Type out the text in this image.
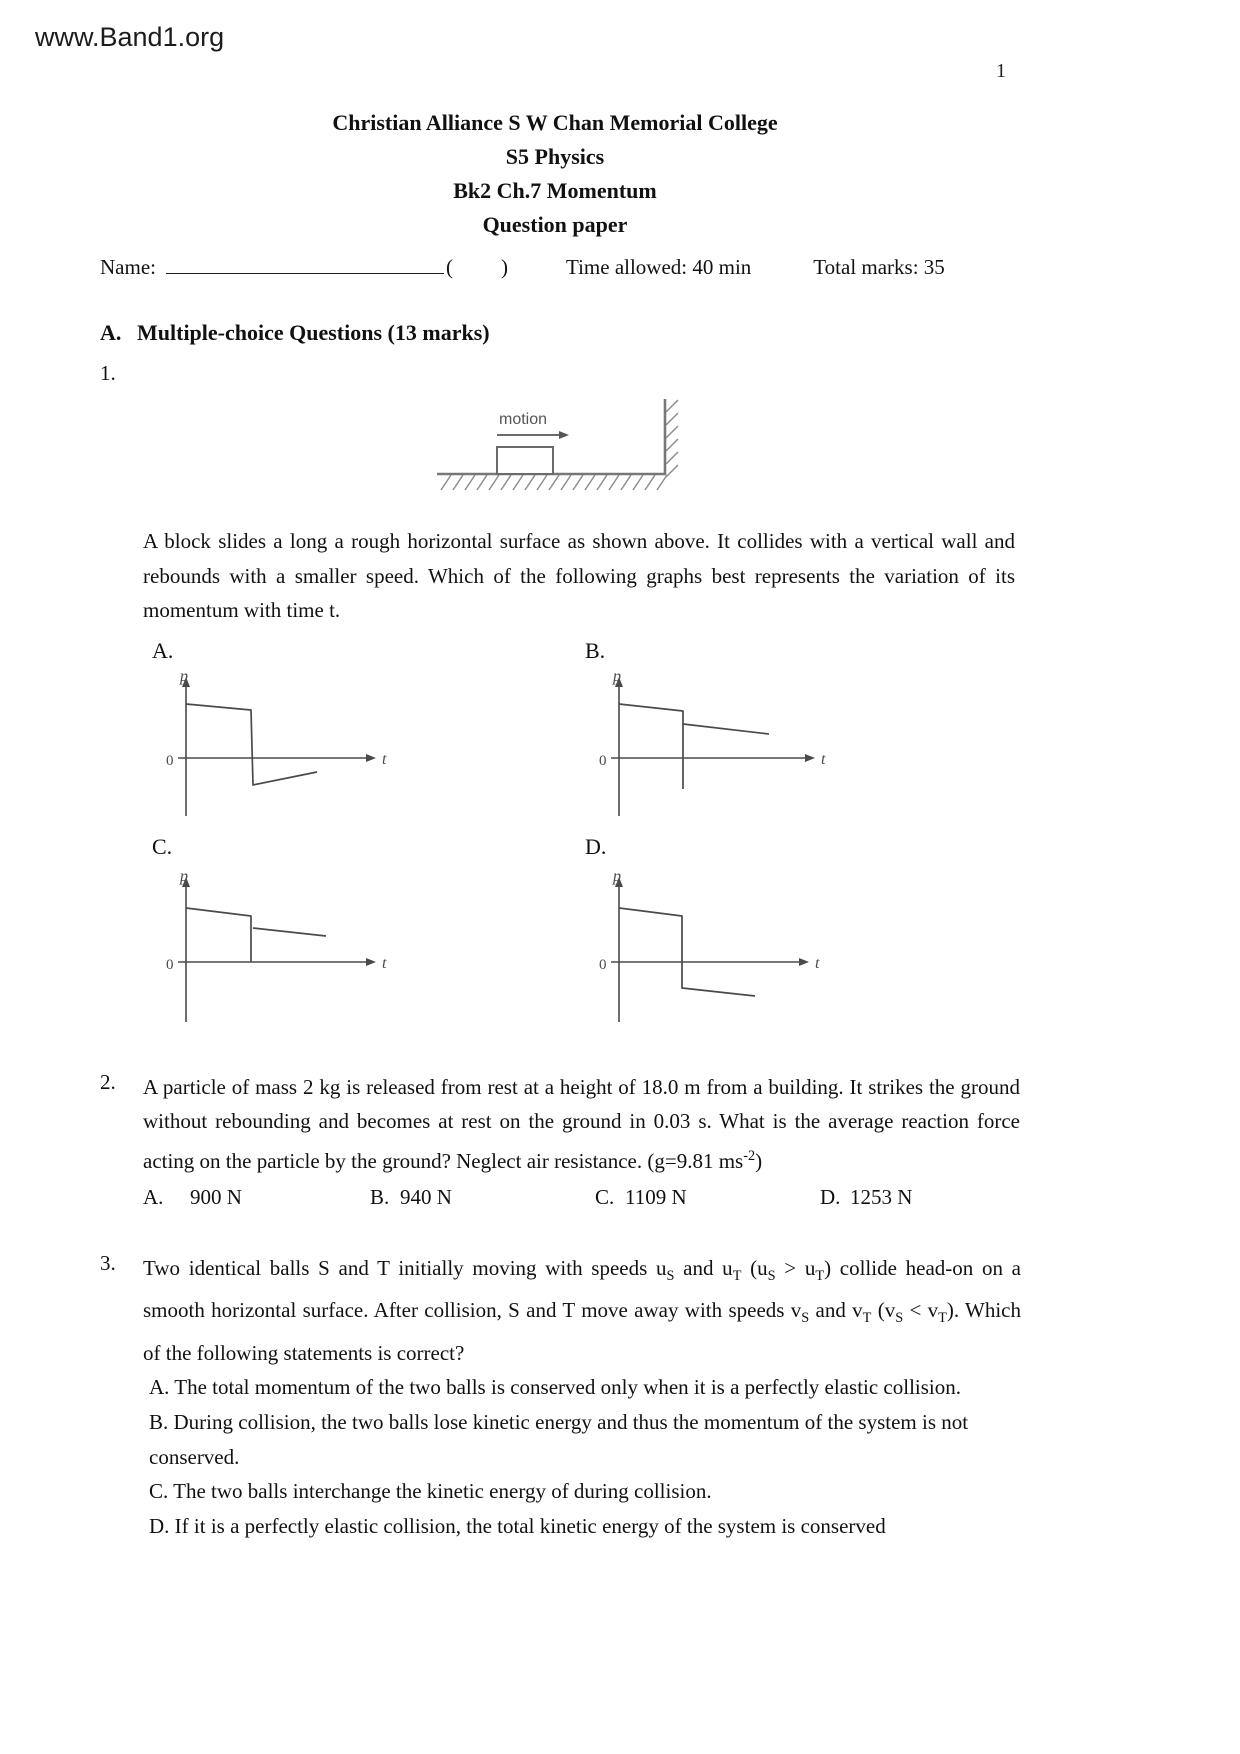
www.Band1.org
1
Christian Alliance S W Chan Memorial College
S5 Physics
Bk2 Ch.7 Momentum
Question paper
Name:	( )	Time allowed: 40 min	Total marks: 35
A. Multiple-choice Questions (13 marks)
1.
motion
A block slides a long a rough horizontal surface as shown above. It collides with a vertical wall and rebounds with a smaller speed. Which of the following graphs best represents the variation of its momentum with time t.
A.
p
0	t
B.
p
0	t
C.
p
0	t
D.
p
0	t
2.	A particle of mass 2 kg is released from rest at a height of 18.0 m from a building. It strikes the ground without rebounding and becomes at rest on the ground in 0.03 s. What is the average reaction force acting on the particle by the ground? Neglect air resistance. (g=9.81 $ms^{-2}$)
A. 900 N	B. 940 N	C. 1109 N	D. 1253 N
3.	Two identical balls S and T initially moving with speeds $u_S$ and $u_T$ $(u_S > u_T)$ collide head-on on a smooth horizontal surface. After collision, S and T move away with speeds $v_S$ and $v_T$ $(v_S < v_T)$. Which of the following statements is correct?
A. The total momentum of the two balls is conserved only when it is a perfectly elastic collision.
B. During collision, the two balls lose kinetic energy and thus the momentum of the system is not conserved.
C. The two balls interchange the kinetic energy of during collision.
D. If it is a perfectly elastic collision, the total kinetic energy of the system is conserved
